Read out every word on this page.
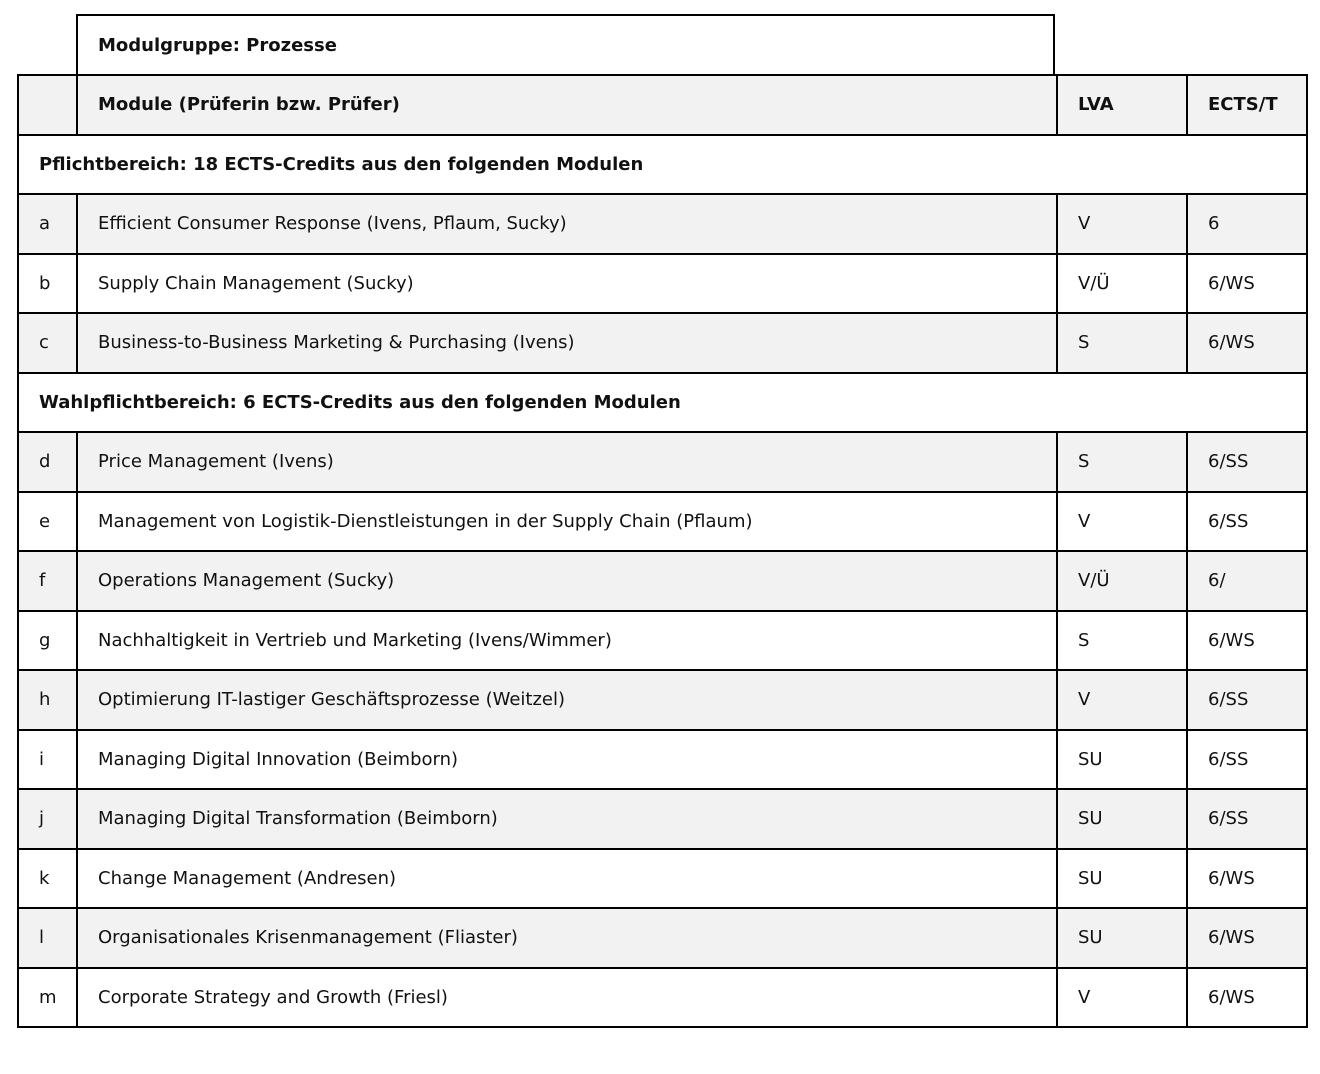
Modulgruppe: Prozesse
	Module (Prüferin bzw. Prüfer)	LVA	ECTS/T
Pflichtbereich: 18 ECTS-Credits aus den folgenden Modulen			
a	Efficient Consumer Response (Ivens, Pflaum, Sucky)	V	6
b	Supply Chain Management (Sucky)	V/Ü	6/WS
c	Business-to-Business Marketing & Purchasing (Ivens)	S	6/WS
Wahlpflichtbereich: 6 ECTS-Credits aus den folgenden Modulen			
d	Price Management (Ivens)	S	6/SS
e	Management von Logistik-Dienstleistungen in der Supply Chain (Pflaum)	V	6/SS
f	Operations Management (Sucky)	V/Ü	6/
g	Nachhaltigkeit in Vertrieb und Marketing (Ivens/Wimmer)	S	6/WS
h	Optimierung IT-lastiger Geschäftsprozesse (Weitzel)	V	6/SS
i	Managing Digital Innovation (Beimborn)	SU	6/SS
j	Managing Digital Transformation (Beimborn)	SU	6/SS
k	Change Management (Andresen)	SU	6/WS
l	Organisationales Krisenmanagement (Fliaster)	SU	6/WS
m	Corporate Strategy and Growth (Friesl)	V	6/WS
